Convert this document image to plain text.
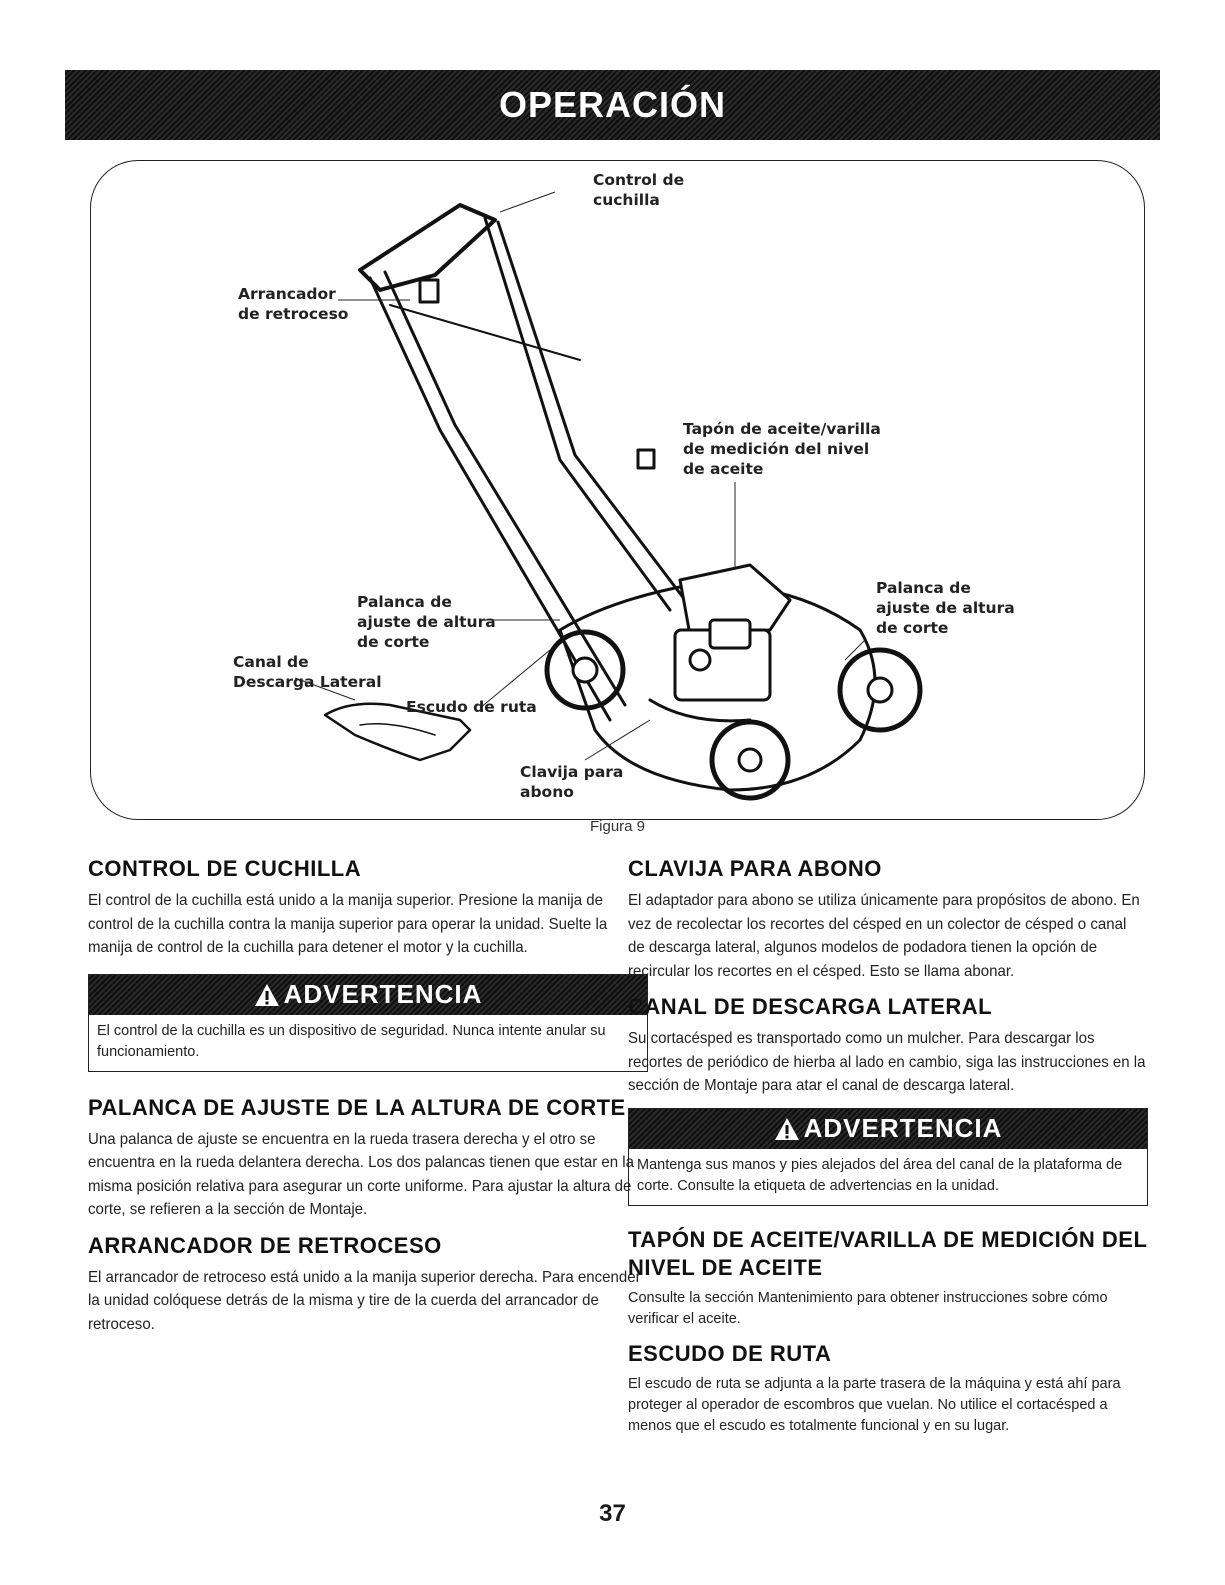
OPERACIÓN
Control de
cuchilla
Arrancador
de retroceso
Tapón de aceite/varilla
de medición del nivel
de aceite
Palanca de
ajuste de altura
de corte
Palanca de
ajuste de altura
de corte
Canal de
Descarga Lateral
Escudo de ruta
Clavija para
abono
Figura 9
CONTROL DE CUCHILLA

El control de la cuchilla está unido a la manija superior. Presione la manija de control de la cuchilla contra la manija superior para operar la unidad. Suelte la manija de control de la cuchilla para detener el motor y la cuchilla.

ADVERTENCIA
El control de la cuchilla es un dispositivo de seguridad. Nunca intente anular su funcionamiento.
PALANCA DE AJUSTE DE LA ALTURA DE CORTE

Una palanca de ajuste se encuentra en la rueda trasera derecha y el otro se encuentra en la rueda delantera derecha. Los dos palancas tienen que estar en la misma posición relativa para asegurar un corte uniforme. Para ajustar la altura de corte, se refieren a la sección de Montaje.

ARRANCADOR DE RETROCESO

El arrancador de retroceso está unido a la manija superior derecha. Para encender la unidad colóquese detrás de la misma y tire de la cuerda del arrancador de retroceso.

CLAVIJA PARA ABONO

El adaptador para abono se utiliza únicamente para propósitos de abono. En vez de recolectar los recortes del césped en un colector de césped o canal de descarga lateral, algunos modelos de podadora tienen la opción de recircular los recortes en el césped. Esto se llama abonar.

CANAL DE DESCARGA LATERAL

Su cortacésped es transportado como un mulcher. Para descargar los recortes de periódico de hierba al lado en cambio, siga las instrucciones en la sección de Montaje para atar el canal de descarga lateral.

ADVERTENCIA
Mantenga sus manos y pies alejados del área del canal de la plataforma de corte. Consulte la etiqueta de advertencias en la unidad.
TAPÓN DE ACEITE/VARILLA DE MEDICIÓN DEL NIVEL DE ACEITE

Consulte la sección Mantenimiento para obtener instrucciones sobre cómo verificar el aceite.

ESCUDO DE RUTA

El escudo de ruta se adjunta a la parte trasera de la máquina y está ahí para proteger al operador de escombros que vuelan. No utilice el cortacésped a menos que el escudo es totalmente funcional y en su lugar.

37
